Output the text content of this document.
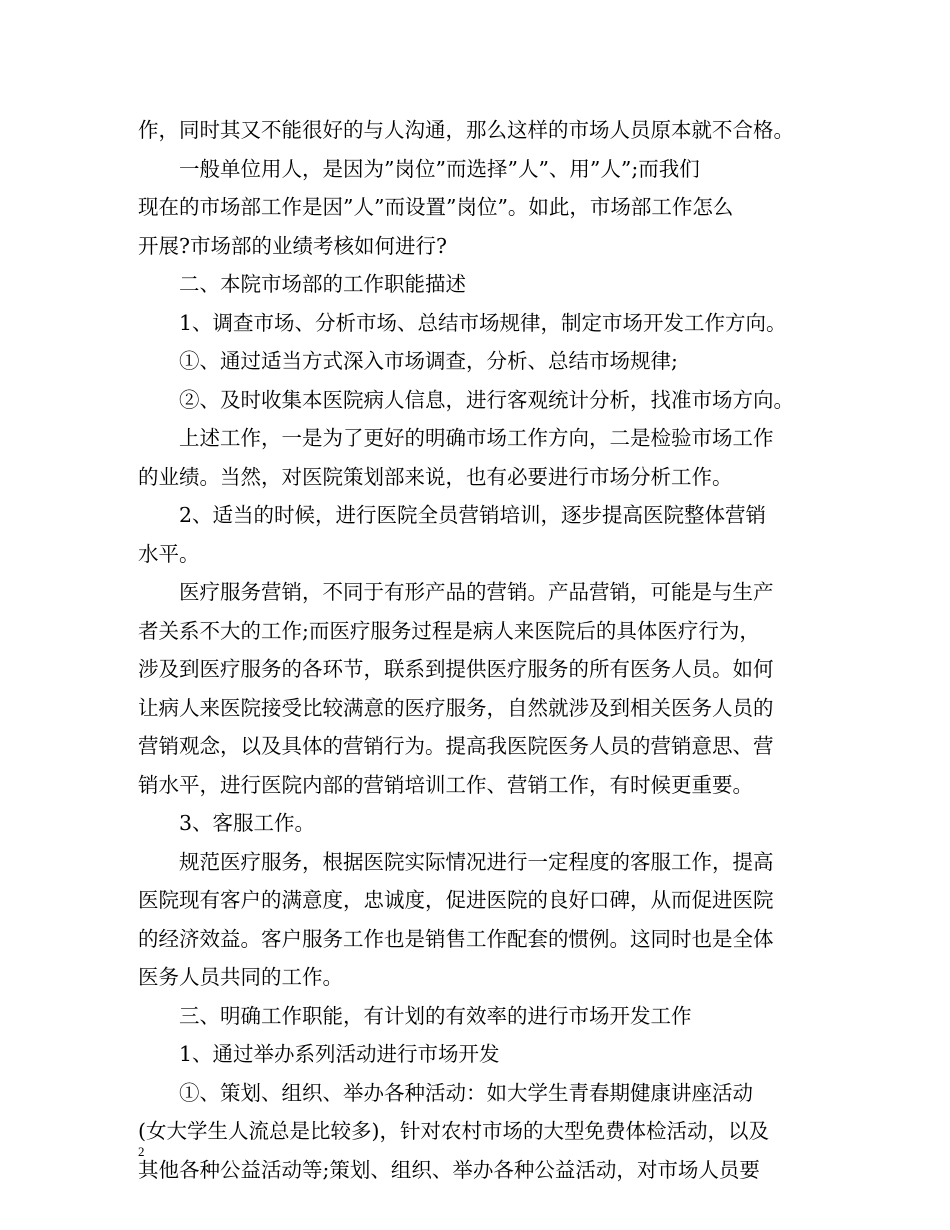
作，同时其又不能很好的与人沟通，那么这样的市场人员原本就不合格。
一般单位用人，是因为”岗位”而选择”人”、用”人”;而我们
现在的市场部工作是因”人”而设置”岗位”。如此，市场部工作怎么
开展?市场部的业绩考核如何进行?
二、本院市场部的工作职能描述
1、调查市场、分析市场、总结市场规律，制定市场开发工作方向。
①、通过适当方式深入市场调查，分析、总结市场规律;
②、及时收集本医院病人信息，进行客观统计分析，找准市场方向。
上述工作，一是为了更好的明确市场工作方向，二是检验市场工作
的业绩。当然，对医院策划部来说，也有必要进行市场分析工作。
2、适当的时候，进行医院全员营销培训，逐步提高医院整体营销
水平。
医疗服务营销，不同于有形产品的营销。产品营销，可能是与生产
者关系不大的工作;而医疗服务过程是病人来医院后的具体医疗行为，
涉及到医疗服务的各环节，联系到提供医疗服务的所有医务人员。如何
让病人来医院接受比较满意的医疗服务，自然就涉及到相关医务人员的
营销观念，以及具体的营销行为。提高我医院医务人员的营销意思、营
销水平，进行医院内部的营销培训工作、营销工作，有时候更重要。
3、客服工作。
规范医疗服务，根据医院实际情况进行一定程度的客服工作，提高
医院现有客户的满意度，忠诚度，促进医院的良好口碑，从而促进医院
的经济效益。客户服务工作也是销售工作配套的惯例。这同时也是全体
医务人员共同的工作。
三、明确工作职能，有计划的有效率的进行市场开发工作
1、通过举办系列活动进行市场开发
①、策划、组织、举办各种活动：如大学生青春期健康讲座活动
(女大学生人流总是比较多)，针对农村市场的大型免费体检活动，以及
其他各种公益活动等;策划、组织、举办各种公益活动，对市场人员要
2
